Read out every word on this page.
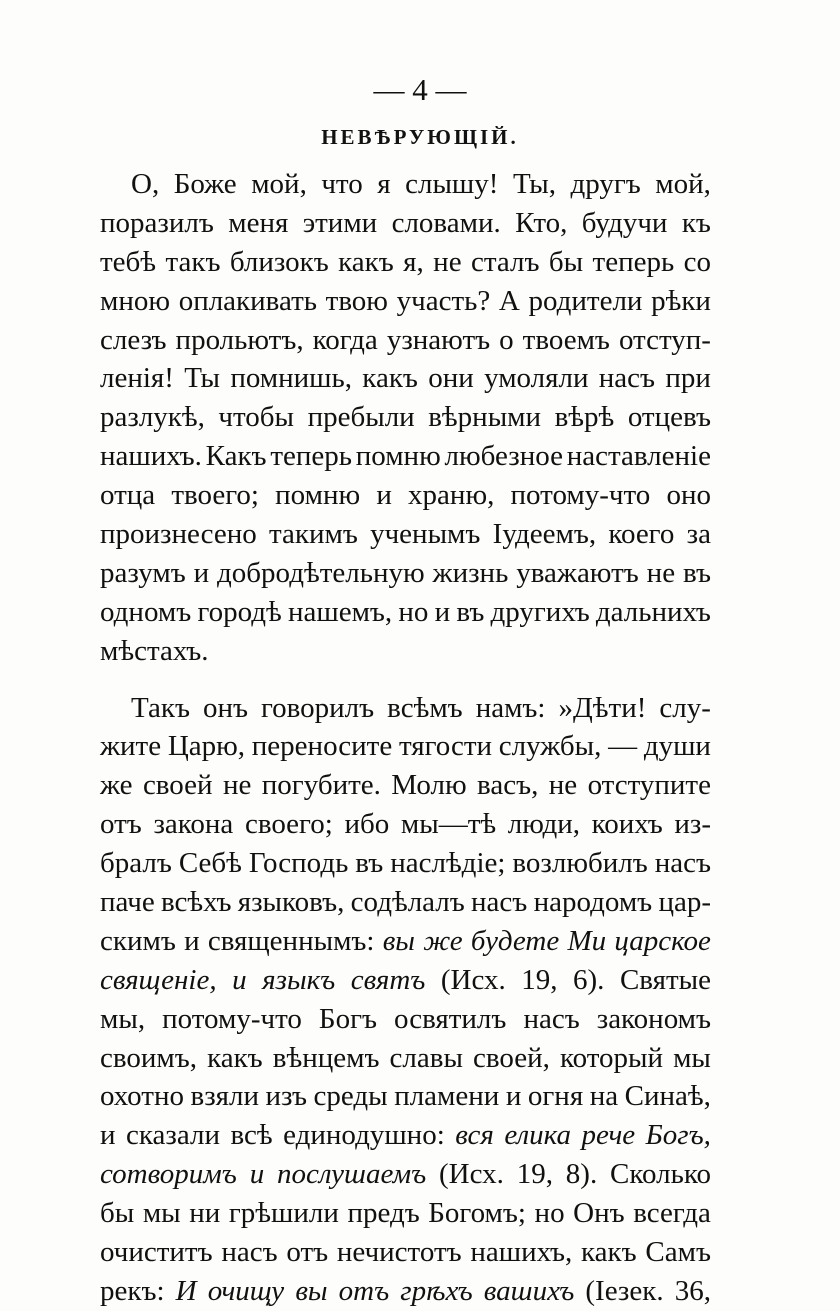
— 4 —
НЕВѢРУЮЩІЙ.
О, Боже мой, что я слышу! Ты, другъ мой,
поразилъ меня этими словами. Кто, будучи къ
тебѣ такъ близокъ какъ я, не сталъ бы теперь со
мною оплакивать твою участь? А родители рѣки
слезъ прольютъ, когда узнаютъ о твоемъ отступ-
ленія! Ты помнишь, какъ они умоляли насъ при
разлукѣ, чтобы пребыли вѣрными вѣрѣ отцевъ
нашихъ. Какъ теперь помню любезное наставленіе
отца твоего; помню и храню, потому-что оно
произнесено такимъ ученымъ Іудеемъ, коего за
разумъ и добродѣтельную жизнь уважаютъ не въ
одномъ городѣ нашемъ, но и въ другихъ дальнихъ
мѣстахъ.
Такъ онъ говорилъ всѣмъ намъ: »Дѣти! слу-
жите Царю, переносите тягости службы, — души
же своей не погубите. Молю васъ, не отступите
отъ закона своего; ибо мы—тѣ люди, коихъ из-
бралъ Себѣ Господь въ наслѣдіе; возлюбилъ насъ
паче всѣхъ языковъ, содѣлалъ насъ народомъ цар-
скимъ и священнымъ: вы же будете Ми царское
священіе, и языкъ святъ (Исх. 19, 6). Святые
мы, потому-что Богъ освятилъ насъ закономъ
своимъ, какъ вѣнцемъ славы своей, который мы
охотно взяли изъ среды пламени и огня на Синаѣ,
и сказали всѣ единодушно: вся елика рече Богъ,
сотворимъ и послушаемъ (Исх. 19, 8). Сколько
бы мы ни грѣшили предъ Богомъ; но Онъ всегда
очиститъ насъ отъ нечистотъ нашихъ, какъ Самъ
рекъ: И очищу вы отъ грѣхъ вашихъ (Іезек. 36,
